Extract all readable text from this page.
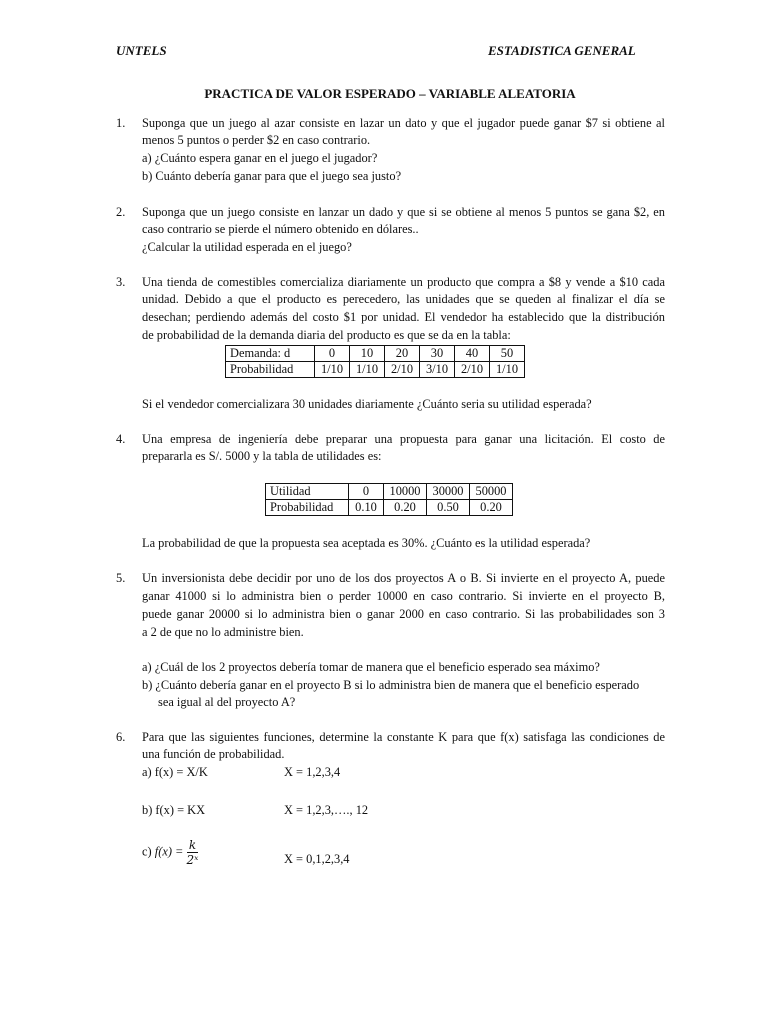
UNTELS	ESTADISTICA GENERAL
PRACTICA DE VALOR ESPERADO – VARIABLE ALEATORIA
1. Suponga que un juego al azar consiste en lazar un dato y que el jugador puede ganar $7 si obtiene al
menos 5 puntos o perder $2 en caso contrario.
a) ¿Cuánto espera ganar en el juego el jugador?
b) Cuánto debería ganar para que el juego sea justo?
2. Suponga que un juego consiste en lanzar un dado y que si se obtiene al menos 5 puntos se gana $2, en
caso contrario se pierde el número obtenido en dólares..
¿Calcular la utilidad esperada en el juego?
3. Una tienda de comestibles comercializa diariamente un producto que compra a $8 y vende a $10 cada
unidad. Debido a que el producto es perecedero, las unidades que se queden al finalizar el día se
desechan; perdiendo además del costo $1 por unidad. El vendedor ha establecido que la distribución
de probabilidad de la demanda diaria del producto es que se da en la tabla:
Demanda: d	0	10	20	30	40	50
Probabilidad	1/10	1/10	2/10	3/10	2/10	1/10
Si el vendedor comercializara 30 unidades diariamente ¿Cuánto seria su utilidad esperada?
4. Una empresa de ingeniería debe preparar una propuesta para ganar una licitación. El costo de
prepararla es S/. 5000 y la tabla de utilidades es:
Utilidad	0	10000	30000	50000
Probabilidad	0.10	0.20	0.50	0.20
La probabilidad de que la propuesta sea aceptada es 30%. ¿Cuánto es la utilidad esperada?
5. Un inversionista debe decidir por uno de los dos proyectos A o B. Si invierte en el proyecto A, puede
ganar 41000 si lo administra bien o perder 10000 en caso contrario. Si invierte en el proyecto B,
puede ganar 20000 si lo administra bien o ganar 2000 en caso contrario. Si las probabilidades son 3
a 2 de que no lo administre bien.
a) ¿Cuál de los 2 proyectos debería tomar de manera que el beneficio esperado sea máximo?
b) ¿Cuánto debería ganar en el proyecto B si lo administra bien de manera que el beneficio esperado
sea igual al del proyecto A?
6. Para que las siguientes funciones, determine la constante K para que f(x) satisfaga las condiciones de
una función de probabilidad.
a) f(x) = X/K	X = 1,2,3,4
b) f(x) = KX	X = 1,2,3,…., 12
c) $f(x) = \frac{k}{\text{2ˣ}}$	X = 0,1,2,3,4
